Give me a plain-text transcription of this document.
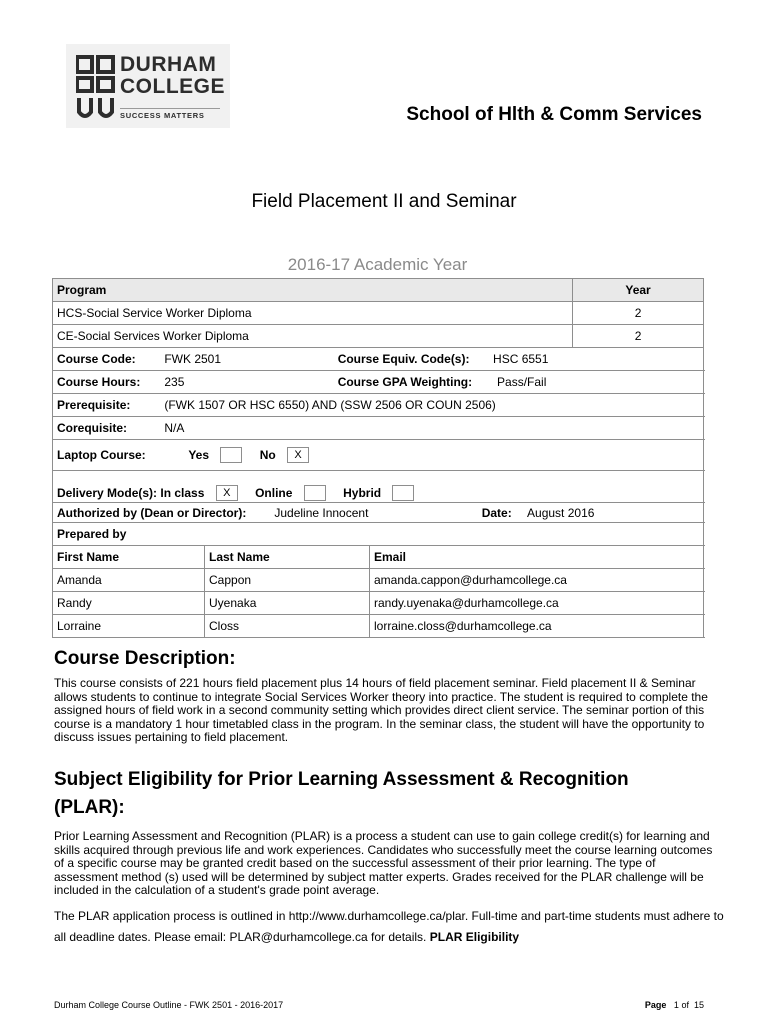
DURHAM
COLLEGE
SUCCESS MATTERS	School of Hlth & Comm Services
Field Placement II and Seminar
2016-17 Academic Year
Program			Year	
HCS-Social Service Worker Diploma			2	
CE-Social Services Worker Diploma			2	
Course Code: FWK 2501 Course Equiv. Code(s): HSC 6551				
Course Hours: 235 Course GPA Weighting: Pass/Fail				
Prerequisite: (FWK 1507 OR HSC 6550) AND (SSW 2506 OR COUN 2506)				
Corequisite: N/A				
Laptop Course: Yes No X				
Delivery Mode(s): In class X Online Hybrid				
Authorized by (Dean or Director): Judeline Innocent Date: August 2016				
Prepared by				
First Name	Last Name	Email		
Amanda	Cappon	amanda.cappon@durhamcollege.ca		
Randy	Uyenaka	randy.uyenaka@durhamcollege.ca		
Lorraine	Closs	lorraine.closs@durhamcollege.ca		
Course Description:
This course consists of 221 hours field placement plus 14 hours of field placement seminar. Field placement II & Seminar allows students to continue to integrate Social Services Worker theory into practice. The student is required to complete the assigned hours of field work in a second community setting which provides direct client service. The seminar portion of this course is a mandatory 1 hour timetabled class in the program. In the seminar class, the student will have the opportunity to discuss issues pertaining to field placement.
Subject Eligibility for Prior Learning Assessment & Recognition (PLAR):
Prior Learning Assessment and Recognition (PLAR) is a process a student can use to gain college credit(s) for learning and skills acquired through previous life and work experiences. Candidates who successfully meet the course learning outcomes of a specific course may be granted credit based on the successful assessment of their prior learning. The type of assessment method (s) used will be determined by subject matter experts. Grades received for the PLAR challenge will be included in the calculation of a student's grade point average.
The PLAR application process is outlined in http://www.durhamcollege.ca/plar. Full-time and part-time students must adhere to all deadline dates. Please email: PLAR@durhamcollege.ca for details. PLAR Eligibility
Durham College Course Outline - FWK 2501 - 2016-2017	Page 1 of 15
